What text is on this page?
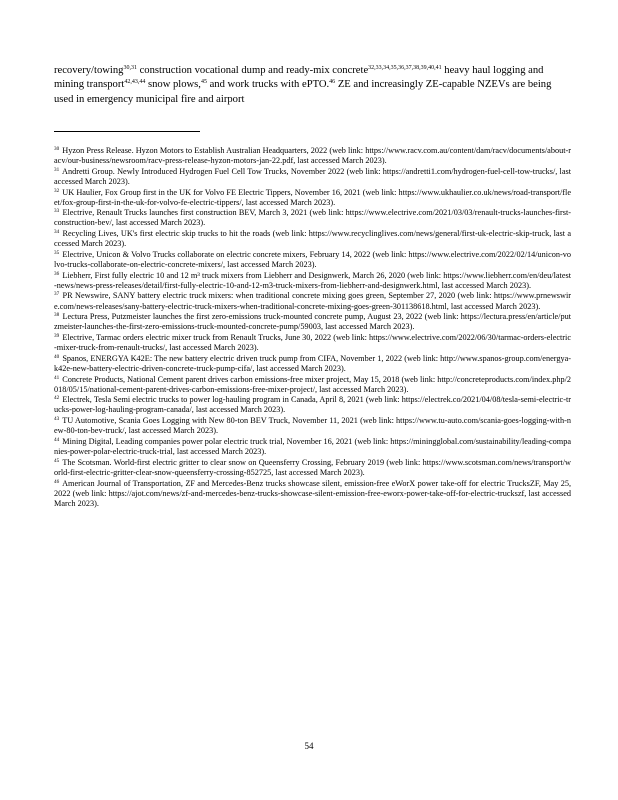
recovery/towing$^{30,31}$ construction vocational dump and ready-mix concrete$^{32,33,34,35,36,37,38,39,40,41}$ heavy haul logging and mining transport$^{42,43,44}$ snow plows,$^{45}$ and work trucks with ePTO.$^{46}$ ZE and increasingly ZE-capable NZEVs are being used in emergency municipal fire and airport

$^{30}$ Hyzon Press Release. Hyzon Motors to Establish Australian Headquarters, 2022 (web link: https://www.racv.com.au/content/dam/racv/documents/about-racv/our-business/newsroom/racv-press-release-hyzon-motors-jan-22.pdf, last accessed March 2023).

$^{31}$ Andretti Group. Newly Introduced Hydrogen Fuel Cell Tow Trucks, November 2022 (web link: https://andretti1.com/hydrogen-fuel-cell-tow-trucks/, last accessed March 2023).

$^{32}$ UK Haulier, Fox Group first in the UK for Volvo FE Electric Tippers, November 16, 2021 (web link: https://www.ukhaulier.co.uk/news/road-transport/fleet/fox-group-first-in-the-uk-for-volvo-fe-electric-tippers/, last accessed March 2023).

$^{33}$ Electrive, Renault Trucks launches first construction BEV, March 3, 2021 (web link: https://www.electrive.com/2021/03/03/renault-trucks-launches-first-construction-bev/, last accessed March 2023).

$^{34}$ Recycling Lives, UK's first electric skip trucks to hit the roads (web link: https://www.recyclinglives.com/news/general/first-uk-electric-skip-truck, last accessed March 2023).

$^{35}$ Electrive, Unicon & Volvo Trucks collaborate on electric concrete mixers, February 14, 2022 (web link: https://www.electrive.com/2022/02/14/unicon-volvo-trucks-collaborate-on-electric-concrete-mixers/, last accessed March 2023).

$^{36}$ Liebherr, First fully electric 10 and 12 m³ truck mixers from Liebherr and Designwerk, March 26, 2020 (web link: https://www.liebherr.com/en/deu/latest-news/news-press-releases/detail/first-fully-electric-10-and-12-m3-truck-mixers-from-liebherr-and-designwerk.html, last accessed March 2023).

$^{37}$ PR Newswire, SANY battery electric truck mixers: when traditional concrete mixing goes green, September 27, 2020 (web link: https://www.prnewswire.com/news-releases/sany-battery-electric-truck-mixers-when-traditional-concrete-mixing-goes-green-301138618.html, last accessed March 2023).

$^{38}$ Lectura Press, Putzmeister launches the first zero-emissions truck-mounted concrete pump, August 23, 2022 (web link: https://lectura.press/en/article/putzmeister-launches-the-first-zero-emissions-truck-mounted-concrete-pump/59003, last accessed March 2023).

$^{39}$ Electrive, Tarmac orders electric mixer truck from Renault Trucks, June 30, 2022 (web link: https://www.electrive.com/2022/06/30/tarmac-orders-electric-mixer-truck-from-renault-trucks/, last accessed March 2023).

$^{40}$ Spanos, ENERGYA K42E: The new battery electric driven truck pump from CIFA, November 1, 2022 (web link: http://www.spanos-group.com/energya-k42e-new-battery-electric-driven-concrete-truck-pump-cifa/, last accessed March 2023).

$^{41}$ Concrete Products, National Cement parent drives carbon emissions-free mixer project, May 15, 2018 (web link: http://concreteproducts.com/index.php/2018/05/15/national-cement-parent-drives-carbon-emissions-free-mixer-project/, last accessed March 2023).

$^{42}$ Electrek, Tesla Semi electric trucks to power log-hauling program in Canada, April 8, 2021 (web link: https://electrek.co/2021/04/08/tesla-semi-electric-trucks-power-log-hauling-program-canada/, last accessed March 2023).

$^{43}$ TU Automotive, Scania Goes Logging with New 80-ton BEV Truck, November 11, 2021 (web link: https://www.tu-auto.com/scania-goes-logging-with-new-80-ton-bev-truck/, last accessed March 2023).

$^{44}$ Mining Digital, Leading companies power polar electric truck trial, November 16, 2021 (web link: https://miningglobal.com/sustainability/leading-companies-power-polar-electric-truck-trial, last accessed March 2023).

$^{45}$ The Scotsman. World-first electric gritter to clear snow on Queensferry Crossing, February 2019 (web link: https://www.scotsman.com/news/transport/world-first-electric-gritter-clear-snow-queensferry-crossing-852725, last accessed March 2023).

$^{46}$ American Journal of Transportation, ZF and Mercedes-Benz trucks showcase silent, emission-free eWorX power take-off for electric TrucksZF, May 25, 2022 (web link: https://ajot.com/news/zf-and-mercedes-benz-trucks-showcase-silent-emission-free-eworx-power-take-off-for-electric-truckszf, last accessed March 2023).

54
